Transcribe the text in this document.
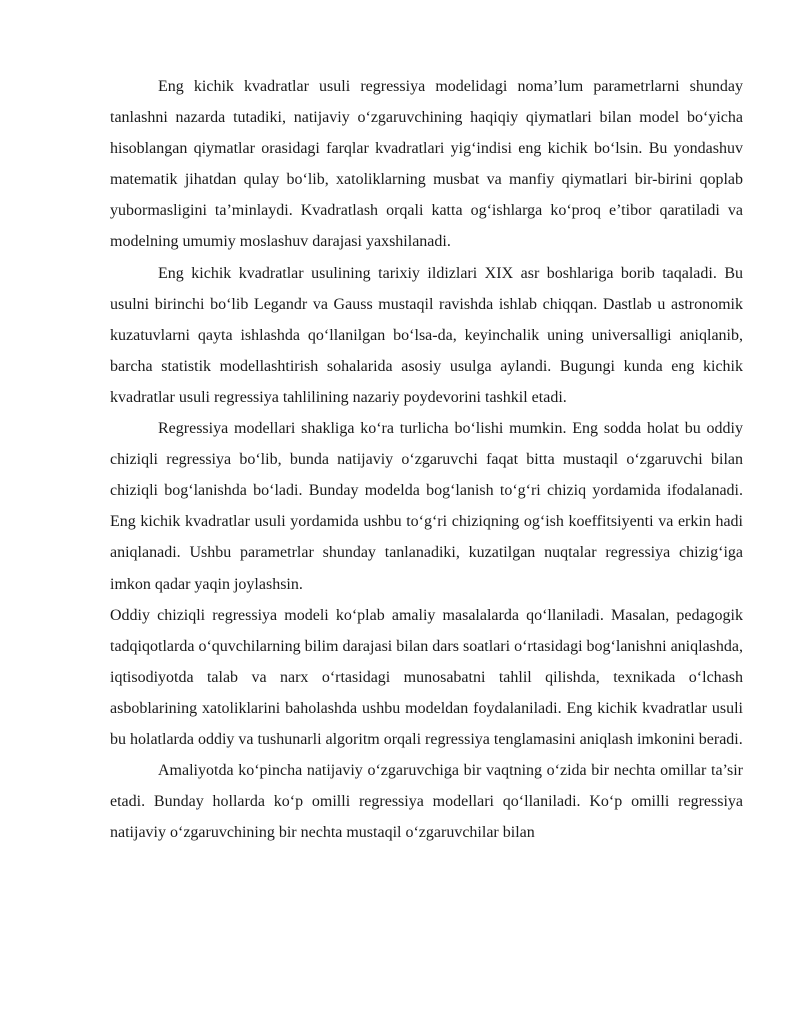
Eng kichik kvadratlar usuli regressiya modelidagi noma’lum parametrlarni shunday tanlashni nazarda tutadiki, natijaviy o‘zgaruvchining haqiqiy qiymatlari bilan model bo‘yicha hisoblangan qiymatlar orasidagi farqlar kvadratlari yig‘indisi eng kichik bo‘lsin. Bu yondashuv matematik jihatdan qulay bo‘lib, xatoliklarning musbat va manfiy qiymatlari bir-birini qoplab yubormasligini ta’minlaydi. Kvadratlash orqali katta og‘ishlarga ko‘proq e’tibor qaratiladi va modelning umumiy moslashuv darajasi yaxshilanadi.

Eng kichik kvadratlar usulining tarixiy ildizlari XIX asr boshlariga borib taqaladi. Bu usulni birinchi bo‘lib Legandr va Gauss mustaqil ravishda ishlab chiqqan. Dastlab u astronomik kuzatuvlarni qayta ishlashda qo‘llanilgan bo‘lsa-da, keyinchalik uning universalligi aniqlanib, barcha statistik modellashtirish sohalarida asosiy usulga aylandi. Bugungi kunda eng kichik kvadratlar usuli regressiya tahlilining nazariy poydevorini tashkil etadi.

Regressiya modellari shakliga ko‘ra turlicha bo‘lishi mumkin. Eng sodda holat bu oddiy chiziqli regressiya bo‘lib, bunda natijaviy o‘zgaruvchi faqat bitta mustaqil o‘zgaruvchi bilan chiziqli bog‘lanishda bo‘ladi. Bunday modelda bog‘lanish to‘g‘ri chiziq yordamida ifodalanadi. Eng kichik kvadratlar usuli yordamida ushbu to‘g‘ri chiziqning og‘ish koeffitsiyenti va erkin hadi aniqlanadi. Ushbu parametrlar shunday tanlanadiki, kuzatilgan nuqtalar regressiya chizig‘iga imkon qadar yaqin joylashsin.

Oddiy chiziqli regressiya modeli ko‘plab amaliy masalalarda qo‘llaniladi. Masalan, pedagogik tadqiqotlarda o‘quvchilarning bilim darajasi bilan dars soatlari o‘rtasidagi bog‘lanishni aniqlashda, iqtisodiyotda talab va narx o‘rtasidagi munosabatni tahlil qilishda, texnikada o‘lchash asboblarining xatoliklarini baholashda ushbu modeldan foydalaniladi. Eng kichik kvadratlar usuli bu holatlarda oddiy va tushunarli algoritm orqali regressiya tenglamasini aniqlash imkonini beradi.

Amaliyotda ko‘pincha natijaviy o‘zgaruvchiga bir vaqtning o‘zida bir nechta omillar ta’sir etadi. Bunday hollarda ko‘p omilli regressiya modellari qo‘llaniladi. Ko‘p omilli regressiya natijaviy o‘zgaruvchining bir nechta mustaqil o‘zgaruvchilar bilan
